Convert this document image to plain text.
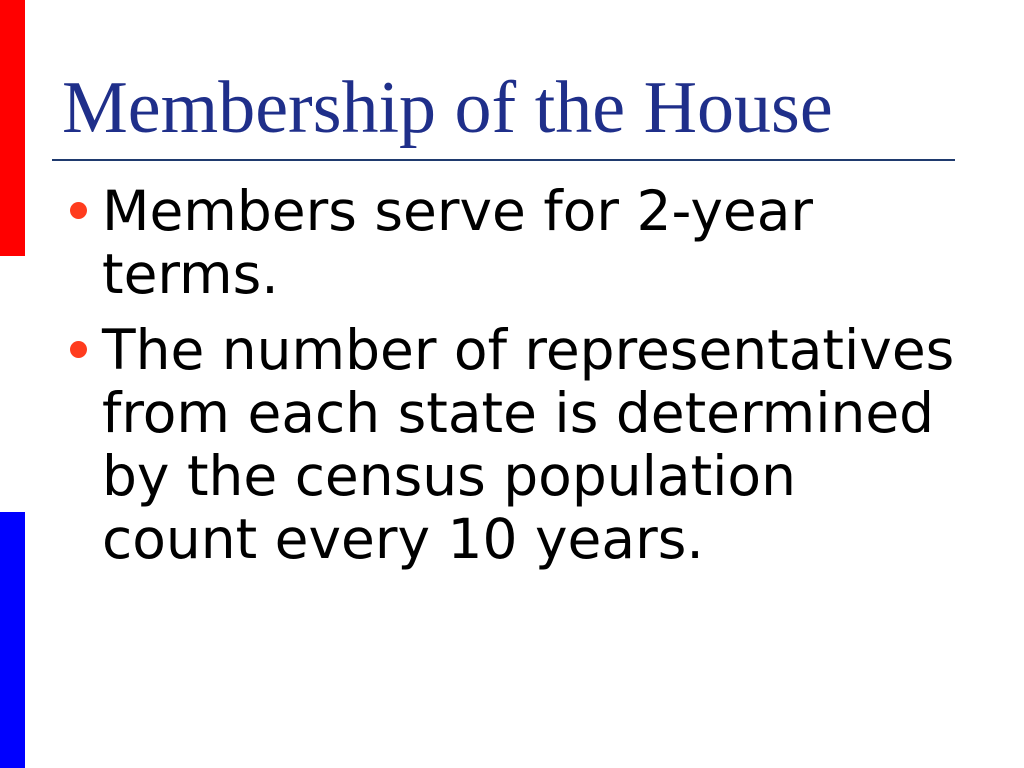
Membership of the House
Members serve for 2-year terms.
The number of representatives from each state is determined by the census population count every 10 years.
